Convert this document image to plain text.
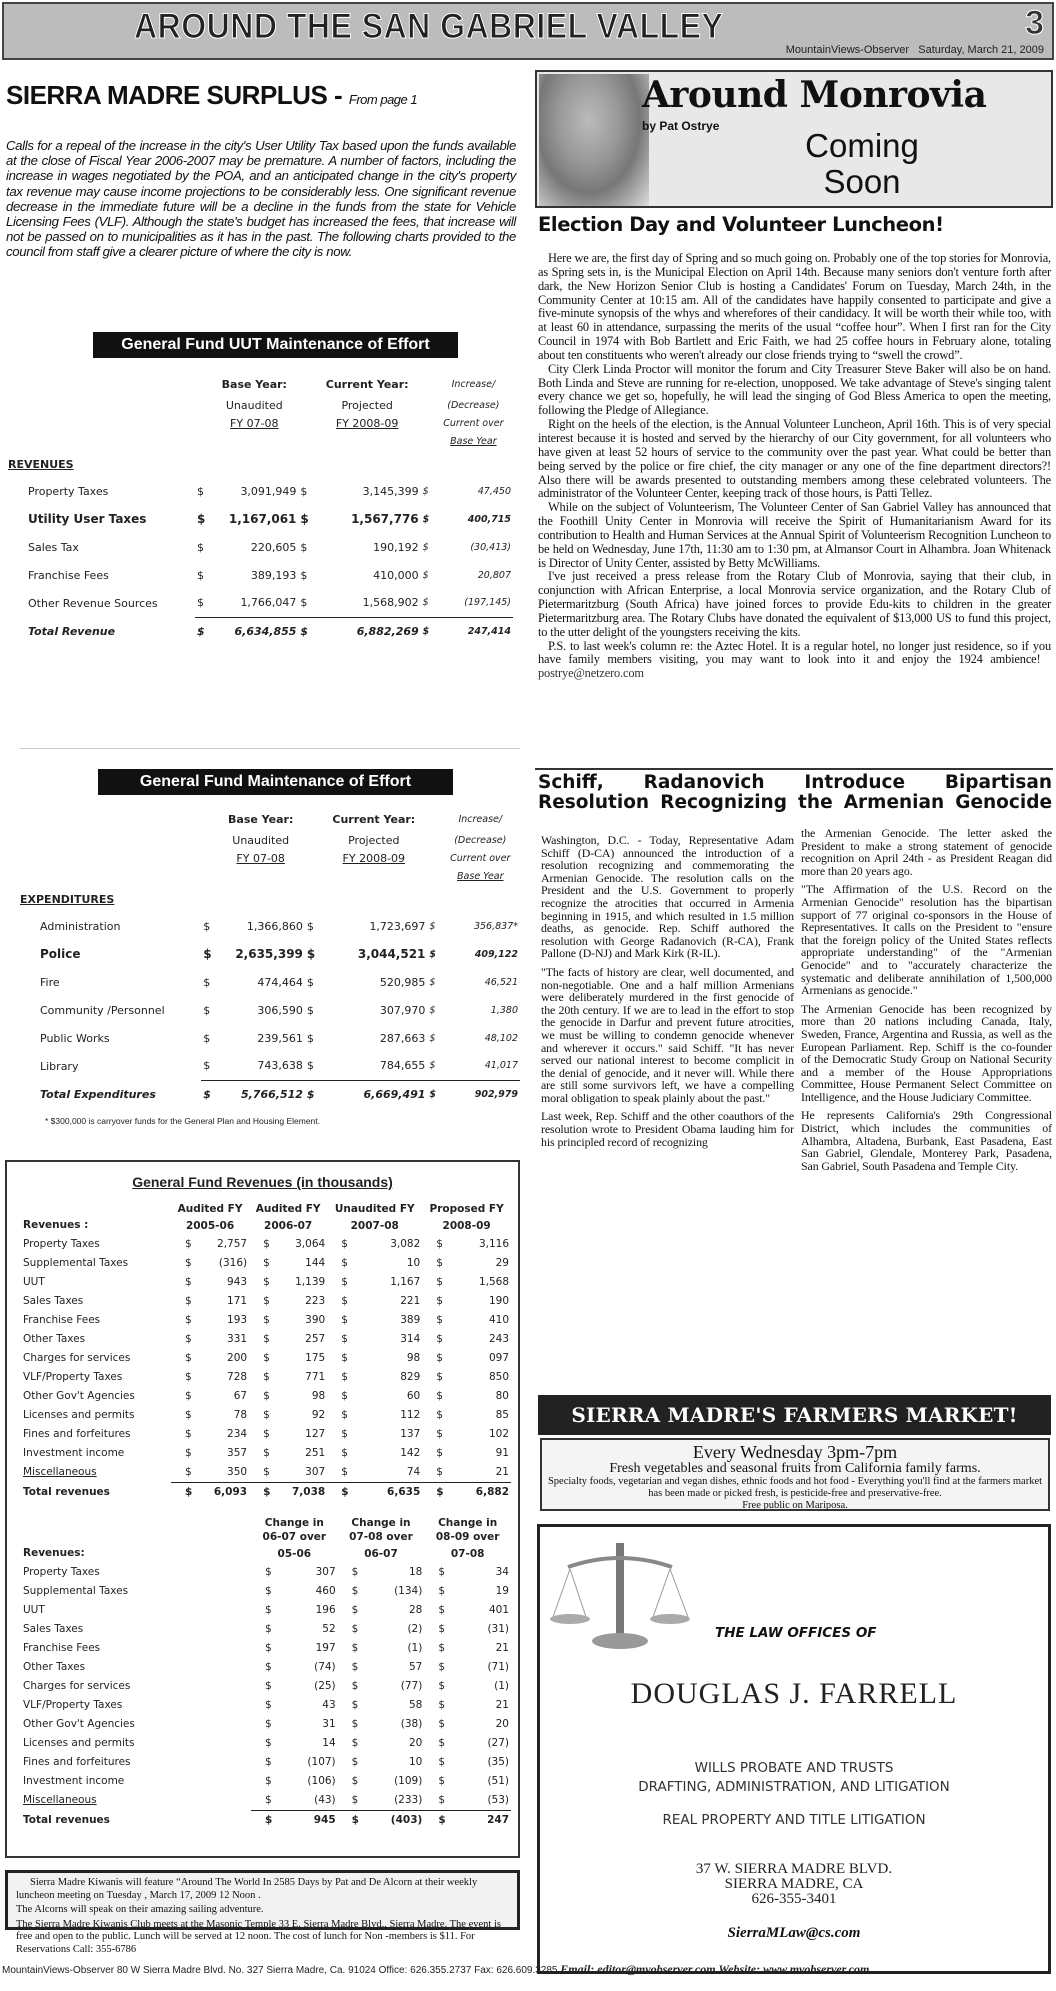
AROUND THE SAN GABRIEL VALLEY	3
MountainViews-Observer Saturday, March 21, 2009
SIERRA MADRE SURPLUS - From page 1
Calls for a repeal of the increase in the city's User Utility Tax based upon the funds available at the close of Fiscal Year 2006-2007 may be premature. A number of factors, including the increase in wages negotiated by the POA, and an anticipated change in the city's property tax revenue may cause income projections to be considerably less. One significant revenue decrease in the immediate future will be a decline in the funds from the state for Vehicle Licensing Fees (VLF). Although the state's budget has increased the fees, that increase will not be passed on to municipalities as it has in the past. The following charts provided to the council from staff give a clearer picture of where the city is now.
General Fund UUT Maintenance of Effort
		Base Year:		Current Year:		Increase/
		Unaudited		Projected		(Decrease)
		FY 07-08		FY 2008-09		Current over
						Base Year
REVENUES						
Property Taxes	$	3,091,949	$	3,145,399	$	47,450
Utility User Taxes	$	1,167,061	$	1,567,776	$	400,715
Sales Tax	$	220,605	$	190,192	$	(30,413)
Franchise Fees	$	389,193	$	410,000	$	20,807
Other Revenue Sources	$	1,766,047	$	1,568,902	$	(197,145)
Total Revenue	$	6,634,855	$	6,882,269	$	247,414
General Fund Maintenance of Effort
		Base Year:		Current Year:		Increase/
		Unaudited		Projected		(Decrease)
		FY 07-08		FY 2008-09		Current over
						Base Year
EXPENDITURES						
Administration	$	1,366,860	$	1,723,697	$	356,837*
Police	$	2,635,399	$	3,044,521	$	409,122
Fire	$	474,464	$	520,985	$	46,521
Community /Personnel	$	306,590	$	307,970	$	1,380
Public Works	$	239,561	$	287,663	$	48,102
Library	$	743,638	$	784,655	$	41,017
Total Expenditures	$	5,766,512	$	6,669,491	$	902,979
* $300,000 is carryover funds for the General Plan and Housing Element.
General Fund Revenues (in thousands)
	Audited FY		Audited FY		Unaudited FY		Proposed FY	
Revenues :	2005-06		2006-07		2007-08		2008-09	
Property Taxes	$	2,757	$	3,064	$	3,082	$	3,116
Supplemental Taxes	$	(316)	$	144	$	10	$	29
UUT	$	943	$	1,139	$	1,167	$	1,568
Sales Taxes	$	171	$	223	$	221	$	190
Franchise Fees	$	193	$	390	$	389	$	410
Other Taxes	$	331	$	257	$	314	$	243
Charges for services	$	200	$	175	$	98	$	097
VLF/Property Taxes	$	728	$	771	$	829	$	850
Other Gov't Agencies	$	67	$	98	$	60	$	80
Licenses and permits	$	78	$	92	$	112	$	85
Fines and forfeitures	$	234	$	127	$	137	$	102
Investment income	$	357	$	251	$	142	$	91
Miscellaneous	$	350	$	307	$	74	$	21
Total revenues	$	6,093	$	7,038	$	6,635	$	6,882
	Change in		Change in		Change in	
	06-07 over		07-08 over		08-09 over	
Revenues:	05-06		06-07		07-08	
Property Taxes	$	307	$	18	$	34
Supplemental Taxes	$	460	$	(134)	$	19
UUT	$	196	$	28	$	401
Sales Taxes	$	52	$	(2)	$	(31)
Franchise Fees	$	197	$	(1)	$	21
Other Taxes	$	(74)	$	57	$	(71)
Charges for services	$	(25)	$	(77)	$	(1)
VLF/Property Taxes	$	43	$	58	$	21
Other Gov't Agencies	$	31	$	(38)	$	20
Licenses and permits	$	14	$	20	$	(27)
Fines and forfeitures	$	(107)	$	10	$	(35)
Investment income	$	(106)	$	(109)	$	(51)
Miscellaneous	$	(43)	$	(233)	$	(53)
Total revenues	$	945	$	(403)	$	247

Sierra Madre Kiwanis will feature “Around The World In 2585 Days by Pat and De Alcorn at their weekly luncheon meeting on Tuesday , March 17, 2009 12 Noon .

The Alcorns will speak on their amazing sailing adventure.

The Sierra Madre Kiwanis Club meets at the Masonic Temple 33 E. Sierra Madre Blvd., Sierra Madre. The event is free and open to the public. Lunch will be served at 12 noon. The cost of lunch for Non -members is $11. For Reservations Call: 355-6786

MountainViews-Observer 80 W Sierra Madre Blvd. No. 327 Sierra Madre, Ca. 91024 Office: 626.355.2737 Fax: 626.609.3285 Email: editor@mvobserver.com Website: www.mvobserver.com
Around Monrovia
by Pat Ostrye
Coming
Soon
Election Day and Volunteer Luncheon!

Here we are, the first day of Spring and so much going on. Probably one of the top stories for Monrovia, as Spring sets in, is the Municipal Election on April 14th. Because many seniors don't venture forth after dark, the New Horizon Senior Club is hosting a Candidates' Forum on Tuesday, March 24th, in the Community Center at 10:15 am. All of the candidates have happily consented to participate and give a five-minute synopsis of the whys and wherefores of their candidacy. It will be worth their while too, with at least 60 in attendance, surpassing the merits of the usual “coffee hour”. When I first ran for the City Council in 1974 with Bob Bartlett and Eric Faith, we had 25 coffee hours in February alone, totaling about ten constituents who weren't already our close friends trying to “swell the crowd”.

City Clerk Linda Proctor will monitor the forum and City Treasurer Steve Baker will also be on hand. Both Linda and Steve are running for re-election, unopposed. We take advantage of Steve's singing talent every chance we get so, hopefully, he will lead the singing of God Bless America to open the meeting, following the Pledge of Allegiance.

Right on the heels of the election, is the Annual Volunteer Luncheon, April 16th. This is of very special interest because it is hosted and served by the hierarchy of our City government, for all volunteers who have given at least 52 hours of service to the community over the past year. What could be better than being served by the police or fire chief, the city manager or any one of the fine department directors?! Also there will be awards presented to outstanding members among these celebrated volunteers. The administrator of the Volunteer Center, keeping track of those hours, is Patti Tellez.

While on the subject of Volunteerism, The Volunteer Center of San Gabriel Valley has announced that the Foothill Unity Center in Monrovia will receive the Spirit of Humanitarianism Award for its contribution to Health and Human Services at the Annual Spirit of Volunteerism Recognition Luncheon to be held on Wednesday, June 17th, 11:30 am to 1:30 pm, at Almansor Court in Alhambra. Joan Whitenack is Director of Unity Center, assisted by Betty McWilliams.

I've just received a press release from the Rotary Club of Monrovia, saying that their club, in conjunction with African Enterprise, a local Monrovia service organization, and the Rotary Club of Pietermaritzburg (South Africa) have joined forces to provide Edu-kits to children in the greater Pietermaritzburg area. The Rotary Clubs have donated the equivalent of $13,000 US to fund this project, to the utter delight of the youngsters receiving the kits.

P.S. to last week's column re: the Aztec Hotel. It is a regular hotel, no longer just residence, so if you have family members visiting, you may want to look into it and enjoy the 1924 ambience!   postrye@netzero.com

Schiff, Radanovich Introduce Bipartisan Resolution Recognizing the Armenian Genocide

Washington, D.C. - Today, Representative Adam Schiff (D-CA) announced the introduction of a resolution recognizing and commemorating the Armenian Genocide. The resolution calls on the President and the U.S. Government to properly recognize the atrocities that occurred in Armenia beginning in 1915, and which resulted in 1.5 million deaths, as genocide. Rep. Schiff authored the resolution with George Radanovich (R-CA), Frank Pallone (D-NJ) and Mark Kirk (R-IL).

"The facts of history are clear, well documented, and non-negotiable. One and a half million Armenians were deliberately murdered in the first genocide of the 20th century. If we are to lead in the effort to stop the genocide in Darfur and prevent future atrocities, we must be willing to condemn genocide whenever and wherever it occurs." said Schiff. "It has never served our national interest to become complicit in the denial of genocide, and it never will. While there are still some survivors left, we have a compelling moral obligation to speak plainly about the past."

Last week, Rep. Schiff and the other coauthors of the resolution wrote to President Obama lauding him for his principled record of recognizing

the Armenian Genocide. The letter asked the President to make a strong statement of genocide recognition on April 24th - as President Reagan did more than 20 years ago.

"The Affirmation of the U.S. Record on the Armenian Genocide" resolution has the bipartisan support of 77 original co-sponsors in the House of Representatives. It calls on the President to "ensure that the foreign policy of the United States reflects appropriate understanding" of the "Armenian Genocide" and to "accurately characterize the systematic and deliberate annihilation of 1,500,000 Armenians as genocide."

The Armenian Genocide has been recognized by more than 20 nations including Canada, Italy, Sweden, France, Argentina and Russia, as well as the European Parliament. Rep. Schiff is the co-founder of the Democratic Study Group on National Security and a member of the House Appropriations Committee, House Permanent Select Committee on Intelligence, and the House Judiciary Committee.

He represents California's 29th Congressional District, which includes the communities of Alhambra, Altadena, Burbank, East Pasadena, East San Gabriel, Glendale, Monterey Park, Pasadena, San Gabriel, South Pasadena and Temple City.

SIERRA MADRE'S FARMERS MARKET!
Every Wednesday 3pm-7pm
Fresh vegetables and seasonal fruits from California family farms.
Specialty foods, vegetarian and vegan dishes, ethnic foods and hot food - Everything you'll find at the farmers market has been made or picked fresh, is pesticide-free and preservative-free.
Free public on Mariposa.
THE LAW OFFICES OF
DOUGLAS J. FARRELL
WILLS PROBATE AND TRUSTS
DRAFTING, ADMINISTRATION, AND LITIGATION
REAL PROPERTY AND TITLE LITIGATION
37 W. SIERRA MADRE BLVD.
SIERRA MADRE, CA
626-355-3401
SierraMLaw@cs.com
